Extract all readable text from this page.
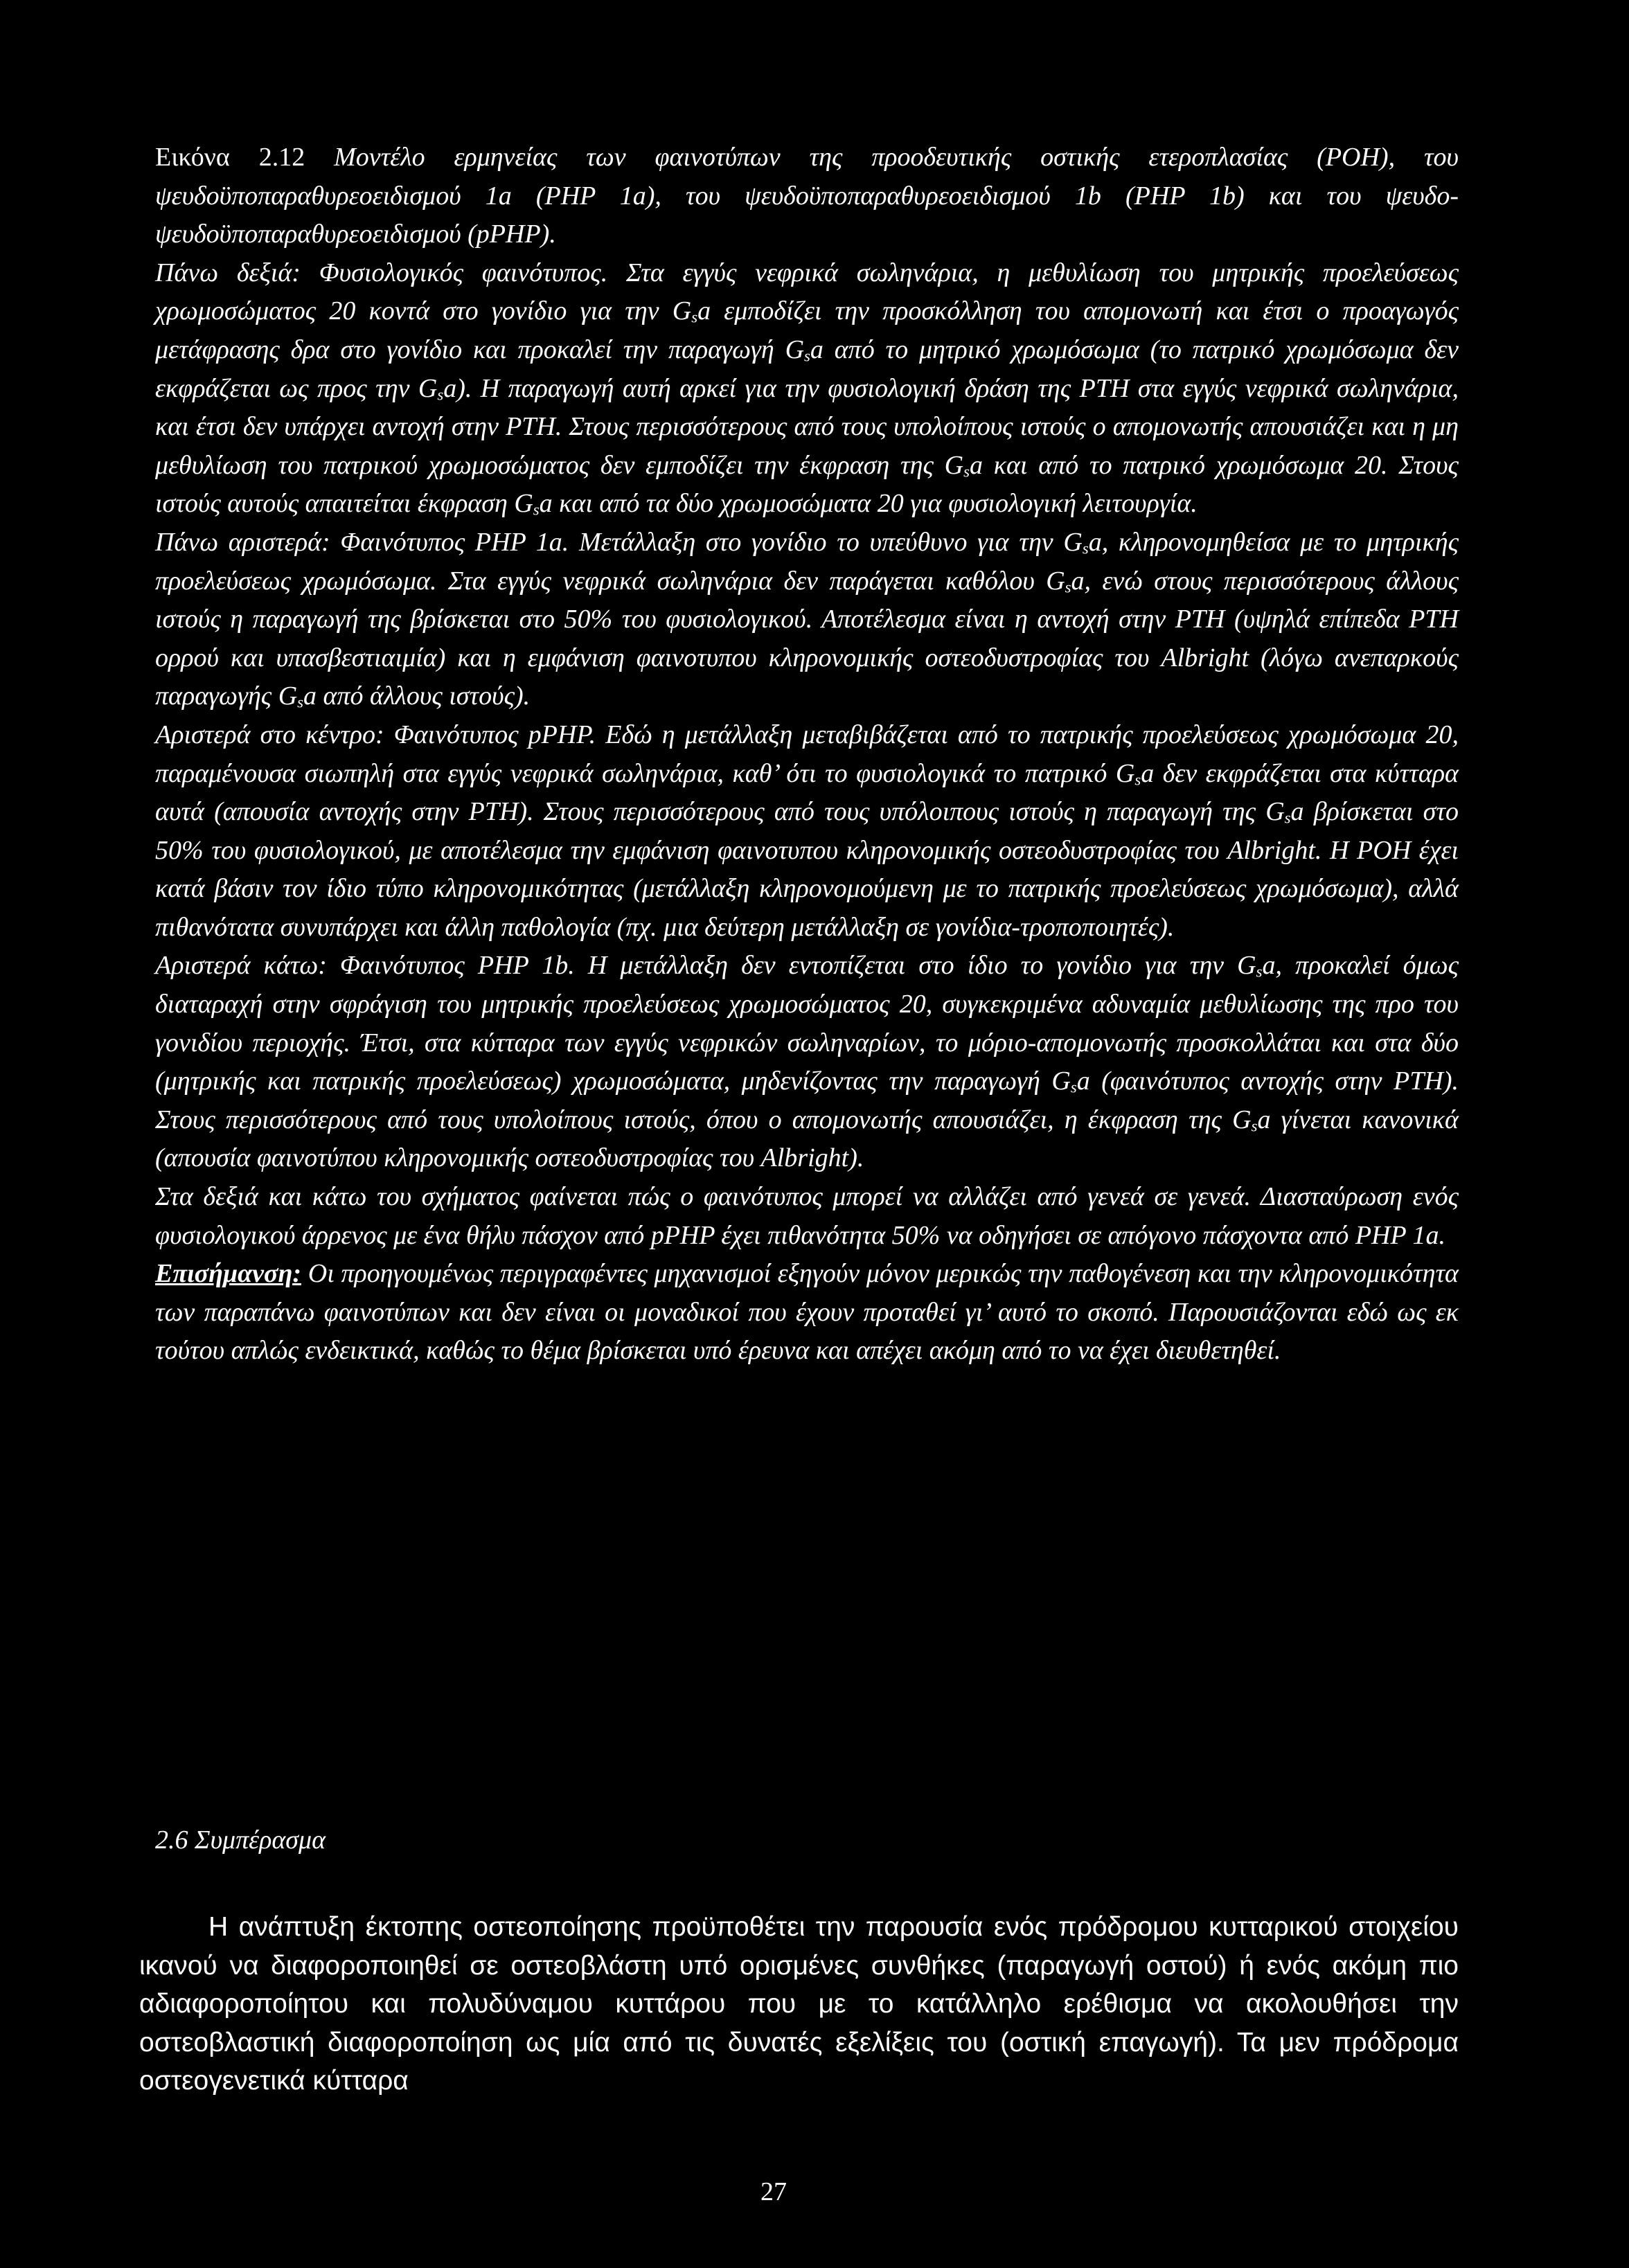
Εικόνα 2.12 Μοντέλο ερμηνείας των φαινοτύπων της προοδευτικής οστικής ετεροπλασίας (POH), του ψευδοϋποπαραθυρεοειδισμού 1a (PHP 1a), του ψευδοϋποπαραθυρεοειδισμού 1b (PHP 1b) και του ψευδο-ψευδοϋποπαραθυρεοειδισμού (pPHP).

Πάνω δεξιά: Φυσιολογικός φαινότυπος. Στα εγγύς νεφρικά σωληνάρια, η μεθυλίωση του μητρικής προελεύσεως χρωμοσώματος 20 κοντά στο γονίδιο για την Gsa εμποδίζει την προσκόλληση του απομονωτή και έτσι ο προαγωγός μετάφρασης δρα στο γονίδιο και προκαλεί την παραγωγή Gsa από το μητρικό χρωμόσωμα (το πατρικό χρωμόσωμα δεν εκφράζεται ως προς την Gsa). Η παραγωγή αυτή αρκεί για την φυσιολογική δράση της PTH στα εγγύς νεφρικά σωληνάρια, και έτσι δεν υπάρχει αντοχή στην PTH. Στους περισσότερους από τους υπολοίπους ιστούς ο απομονωτής απουσιάζει και η μη μεθυλίωση του πατρικού χρωμοσώματος δεν εμποδίζει την έκφραση της Gsa και από το πατρικό χρωμόσωμα 20. Στους ιστούς αυτούς απαιτείται έκφραση Gsa και από τα δύο χρωμοσώματα 20 για φυσιολογική λειτουργία.

Πάνω αριστερά: Φαινότυπος PHP 1a. Μετάλλαξη στο γονίδιο το υπεύθυνο για την Gsa, κληρονομηθείσα με το μητρικής προελεύσεως χρωμόσωμα. Στα εγγύς νεφρικά σωληνάρια δεν παράγεται καθόλου Gsa, ενώ στους περισσότερους άλλους ιστούς η παραγωγή της βρίσκεται στο 50% του φυσιολογικού. Αποτέλεσμα είναι η αντοχή στην PTH (υψηλά επίπεδα PTH ορρού και υπασβεστιαιμία) και η εμφάνιση φαινοτυπου κληρονομικής οστεοδυστροφίας του Albright (λόγω ανεπαρκούς παραγωγής Gsa από άλλους ιστούς).

Αριστερά στο κέντρο: Φαινότυπος pPHP. Εδώ η μετάλλαξη μεταβιβάζεται από το πατρικής προελεύσεως χρωμόσωμα 20, παραμένουσα σιωπηλή στα εγγύς νεφρικά σωληνάρια, καθ’ ότι το φυσιολογικά το πατρικό Gsa δεν εκφράζεται στα κύτταρα αυτά (απουσία αντοχής στην PTH). Στους περισσότερους από τους υπόλοιπους ιστούς η παραγωγή της Gsa βρίσκεται στο 50% του φυσιολογικού, με αποτέλεσμα την εμφάνιση φαινοτυπου κληρονομικής οστεοδυστροφίας του Albright. Η POH έχει κατά βάσιν τον ίδιο τύπο κληρονομικότητας (μετάλλαξη κληρονομούμενη με το πατρικής προελεύσεως χρωμόσωμα), αλλά πιθανότατα συνυπάρχει και άλλη παθολογία (πχ. μια δεύτερη μετάλλαξη σε γονίδια-τροποποιητές).

Αριστερά κάτω: Φαινότυπος PHP 1b. Η μετάλλαξη δεν εντοπίζεται στο ίδιο το γονίδιο για την Gsa, προκαλεί όμως διαταραχή στην σφράγιση του μητρικής προελεύσεως χρωμοσώματος 20, συγκεκριμένα αδυναμία μεθυλίωσης της προ του γονιδίου περιοχής. Έτσι, στα κύτταρα των εγγύς νεφρικών σωληναρίων, το μόριο-απομονωτής προσκολλάται και στα δύο (μητρικής και πατρικής προελεύσεως) χρωμοσώματα, μηδενίζοντας την παραγωγή Gsa (φαινότυπος αντοχής στην PTH). Στους περισσότερους από τους υπολοίπους ιστούς, όπου ο απομονωτής απουσιάζει, η έκφραση της Gsa γίνεται κανονικά (απουσία φαινοτύπου κληρονομικής οστεοδυστροφίας του Albright).

Στα δεξιά και κάτω του σχήματος φαίνεται πώς ο φαινότυπος μπορεί να αλλάζει από γενεά σε γενεά. Διασταύρωση ενός φυσιολογικού άρρενος με ένα θήλυ πάσχον από pPHP έχει πιθανότητα 50% να οδηγήσει σε απόγονο πάσχοντα από PHP 1a.

Επισήμανση: Οι προηγουμένως περιγραφέντες μηχανισμοί εξηγούν μόνον μερικώς την παθογένεση και την κληρονομικότητα των παραπάνω φαινοτύπων και δεν είναι οι μοναδικοί που έχουν προταθεί γι’ αυτό το σκοπό. Παρουσιάζονται εδώ ως εκ τούτου απλώς ενδεικτικά, καθώς το θέμα βρίσκεται υπό έρευνα και απέχει ακόμη από το να έχει διευθετηθεί.

2.6 Συμπέρασμα

Η ανάπτυξη έκτοπης οστεοποίησης προϋποθέτει την παρουσία ενός πρόδρομου κυτταρικού στοιχείου ικανού να διαφοροποιηθεί σε οστεοβλάστη υπό ορισμένες συνθήκες (παραγωγή οστού) ή ενός ακόμη πιο αδιαφοροποίητου και πολυδύναμου κυττάρου που με το κατάλληλο ερέθισμα να ακολουθήσει την οστεοβλαστική διαφοροποίηση ως μία από τις δυνατές εξελίξεις του (οστική επαγωγή). Τα μεν πρόδρομα οστεογενετικά κύτταρα

27
